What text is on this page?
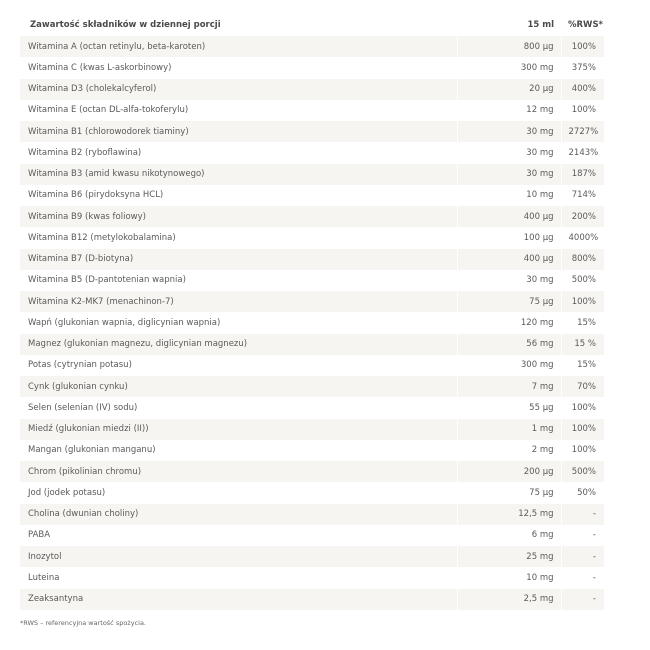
Zawartość składników w dziennej porcji	15 ml	%RWS*
Witamina A (octan retinylu, beta-karoten)	800 µg	100%
Witamina C (kwas L-askorbinowy)	300 mg	375%
Witamina D3 (cholekalcyferol)	20 µg	400%
Witamina E (octan DL-alfa-tokoferylu)	12 mg	100%
Witamina B1 (chlorowodorek tiaminy)	30 mg	2727%
Witamina B2 (ryboflawina)	30 mg	2143%
Witamina B3 (amid kwasu nikotynowego)	30 mg	187%
Witamina B6 (pirydoksyna HCL)	10 mg	714%
Witamina B9 (kwas foliowy)	400 µg	200%
Witamina B12 (metylokobalamina)	100 µg	4000%
Witamina B7 (D-biotyna)	400 µg	800%
Witamina B5 (D-pantotenian wapnia)	30 mg	500%
Witamina K2-MK7 (menachinon-7)	75 µg	100%
Wapń (glukonian wapnia, diglicynian wapnia)	120 mg	15%
Magnez (glukonian magnezu, diglicynian magnezu)	56 mg	15 %
Potas (cytrynian potasu)	300 mg	15%
Cynk (glukonian cynku)	7 mg	70%
Selen (selenian (IV) sodu)	55 µg	100%
Miedź (glukonian miedzi (II))	1 mg	100%
Mangan (glukonian manganu)	2 mg	100%
Chrom (pikolinian chromu)	200 µg	500%
Jod (jodek potasu)	75 µg	50%
Cholina (dwunian choliny)	12,5 mg	-
PABA	6 mg	-
Inozytol	25 mg	-
Luteina	10 mg	-
Zeaksantyna	2,5 mg	-
*RWS – referencyjna wartość spożycia.
